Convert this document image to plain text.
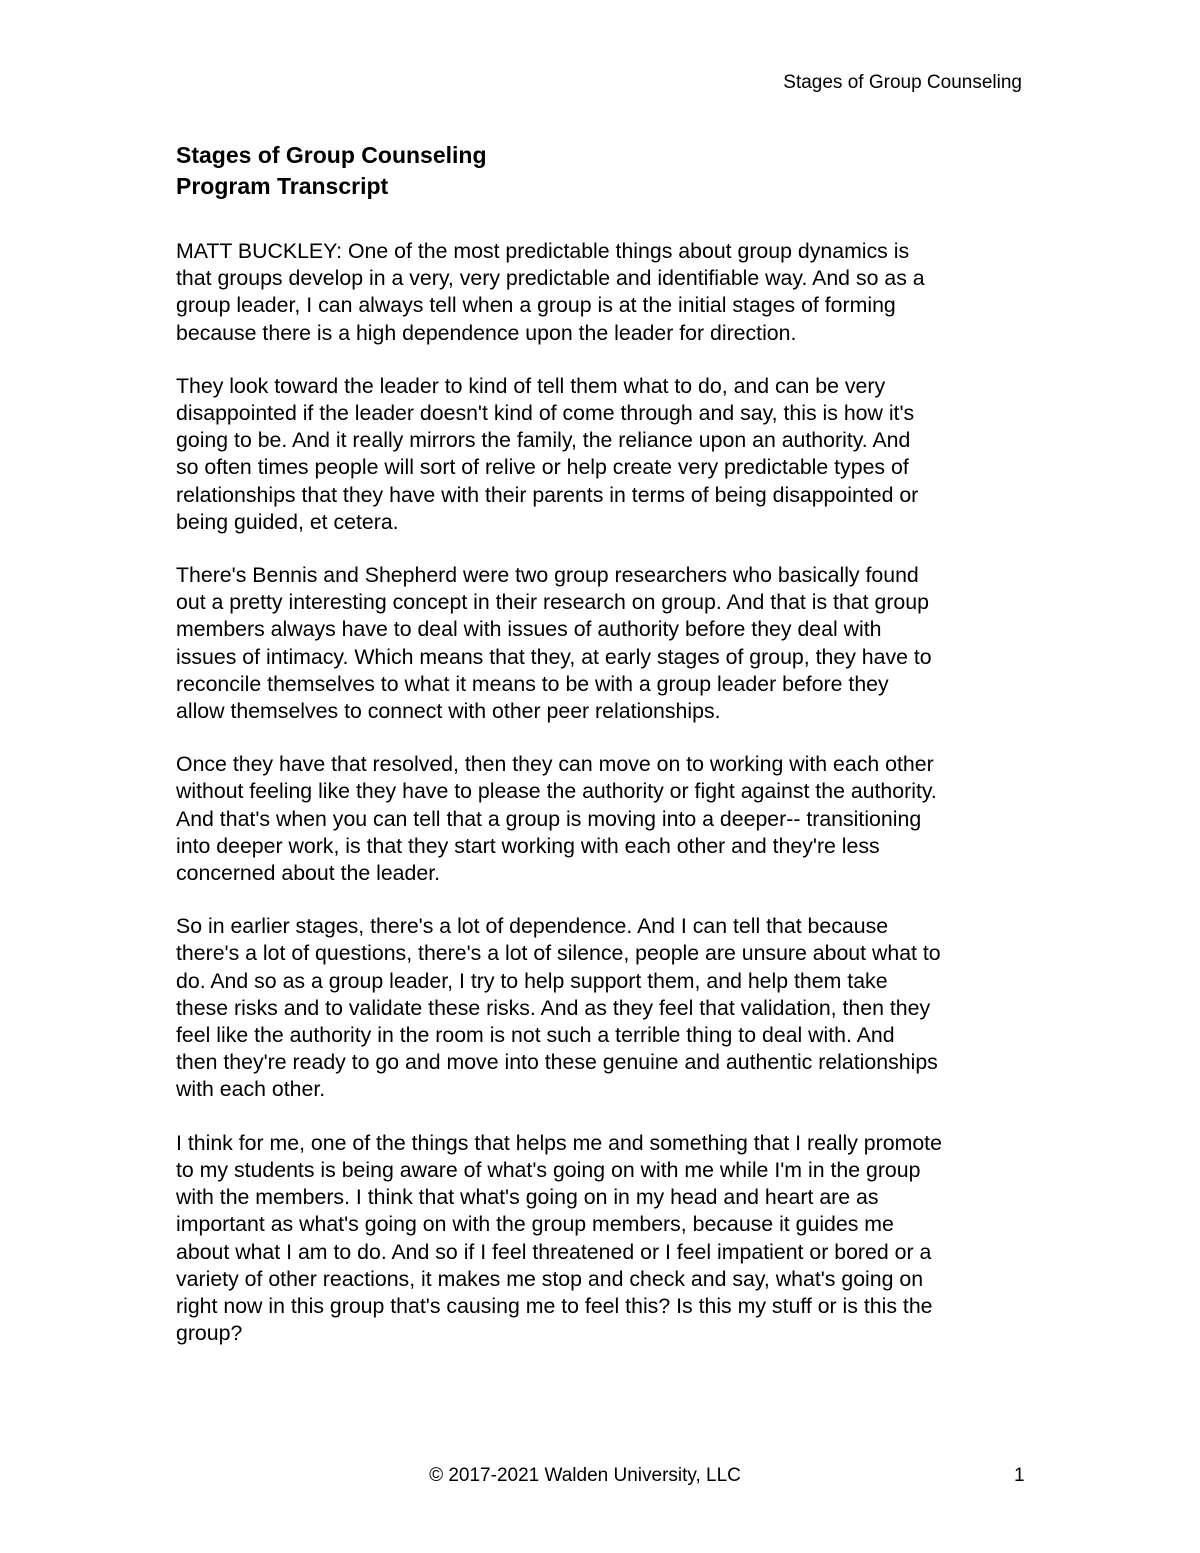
Stages of Group Counseling
Stages of Group Counseling
Program Transcript

MATT BUCKLEY: One of the most predictable things about group dynamics is
that groups develop in a very, very predictable and identifiable way. And so as a
group leader, I can always tell when a group is at the initial stages of forming
because there is a high dependence upon the leader for direction.

They look toward the leader to kind of tell them what to do, and can be very
disappointed if the leader doesn't kind of come through and say, this is how it's
going to be. And it really mirrors the family, the reliance upon an authority. And
so often times people will sort of relive or help create very predictable types of
relationships that they have with their parents in terms of being disappointed or
being guided, et cetera.

There's Bennis and Shepherd were two group researchers who basically found
out a pretty interesting concept in their research on group. And that is that group
members always have to deal with issues of authority before they deal with
issues of intimacy. Which means that they, at early stages of group, they have to
reconcile themselves to what it means to be with a group leader before they
allow themselves to connect with other peer relationships.

Once they have that resolved, then they can move on to working with each other
without feeling like they have to please the authority or fight against the authority.
And that's when you can tell that a group is moving into a deeper-- transitioning
into deeper work, is that they start working with each other and they're less
concerned about the leader.

So in earlier stages, there's a lot of dependence. And I can tell that because
there's a lot of questions, there's a lot of silence, people are unsure about what to
do. And so as a group leader, I try to help support them, and help them take
these risks and to validate these risks. And as they feel that validation, then they
feel like the authority in the room is not such a terrible thing to deal with. And
then they're ready to go and move into these genuine and authentic relationships
with each other.

I think for me, one of the things that helps me and something that I really promote
to my students is being aware of what's going on with me while I'm in the group
with the members. I think that what's going on in my head and heart are as
important as what's going on with the group members, because it guides me
about what I am to do. And so if I feel threatened or I feel impatient or bored or a
variety of other reactions, it makes me stop and check and say, what's going on
right now in this group that's causing me to feel this? Is this my stuff or is this the
group?

© 2017-2021 Walden University, LLC	1
